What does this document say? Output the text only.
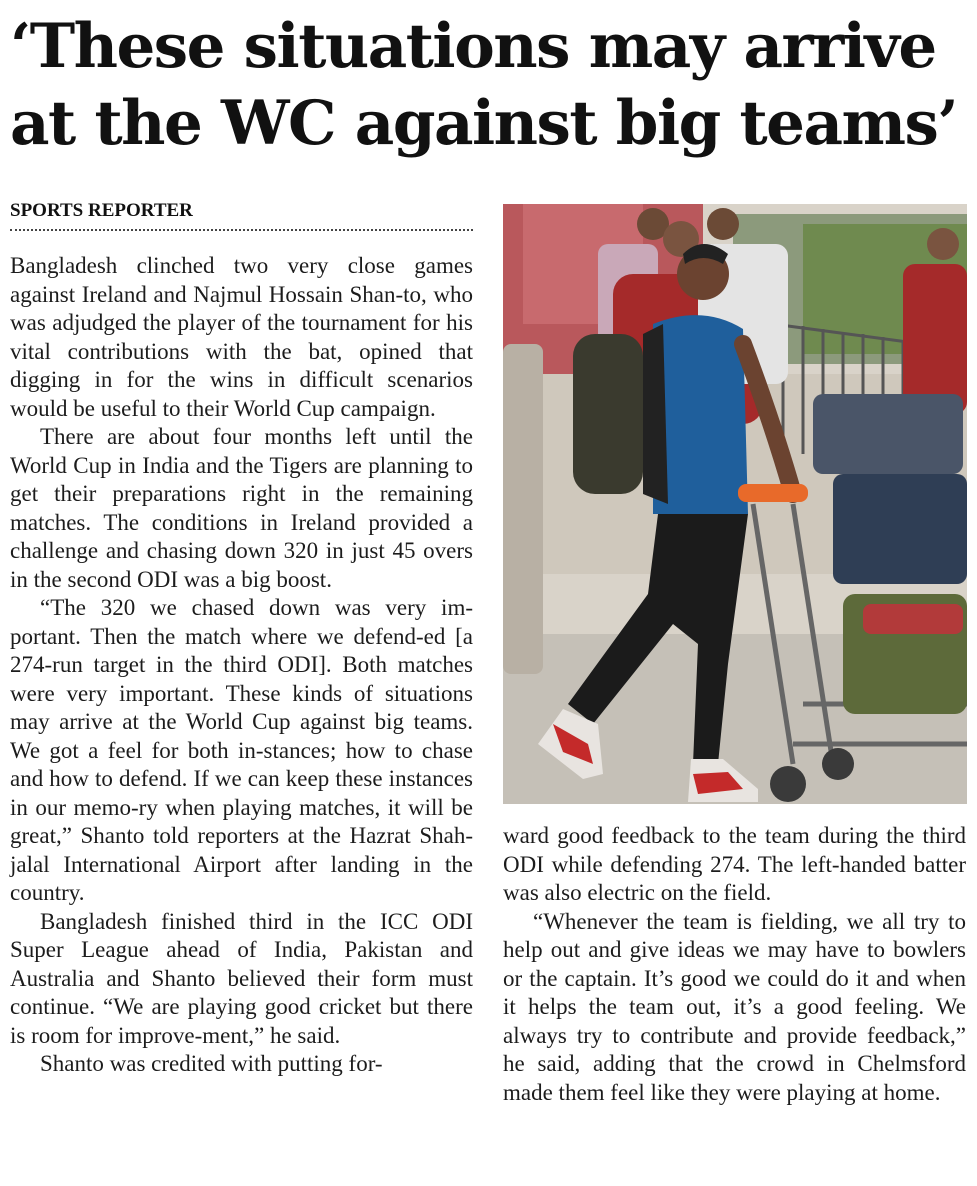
‘These situations may arrive
at the WC against big teams’
SPORTS REPORTER

Bangladesh clinched two very close games against Ireland and Najmul Hossain Shan-to, who was adjudged the player of the tournament for his vital contributions with the bat, opined that digging in for the wins in difficult scenarios would be useful to their World Cup campaign.

There are about four months left until the World Cup in India and the Tigers are planning to get their preparations right in the remaining matches. The conditions in Ireland provided a challenge and chasing down 320 in just 45 overs in the second ODI was a big boost.

“The 320 we chased down was very im-portant. Then the match where we defend-ed [a 274-run target in the third ODI]. Both matches were very important. These kinds of situations may arrive at the World Cup against big teams. We got a feel for both in-stances; how to chase and how to defend. If we can keep these instances in our memo-ry when playing matches, it will be great,” Shanto told reporters at the Hazrat Shah-jalal International Airport after landing in the country.

Bangladesh finished third in the ICC ODI Super League ahead of India, Pakistan and Australia and Shanto believed their form must continue. “We are playing good cricket but there is room for improve-ment,” he said.

Shanto was credited with putting for-

ward good feedback to the team during the third ODI while defending 274. The left-handed batter was also electric on the field.

“Whenever the team is fielding, we all try to help out and give ideas we may have to bowlers or the captain. It’s good we could do it and when it helps the team out, it’s a good feeling. We always try to contribute and provide feedback,” he said, adding that the crowd in Chelmsford made them feel like they were playing at home.
